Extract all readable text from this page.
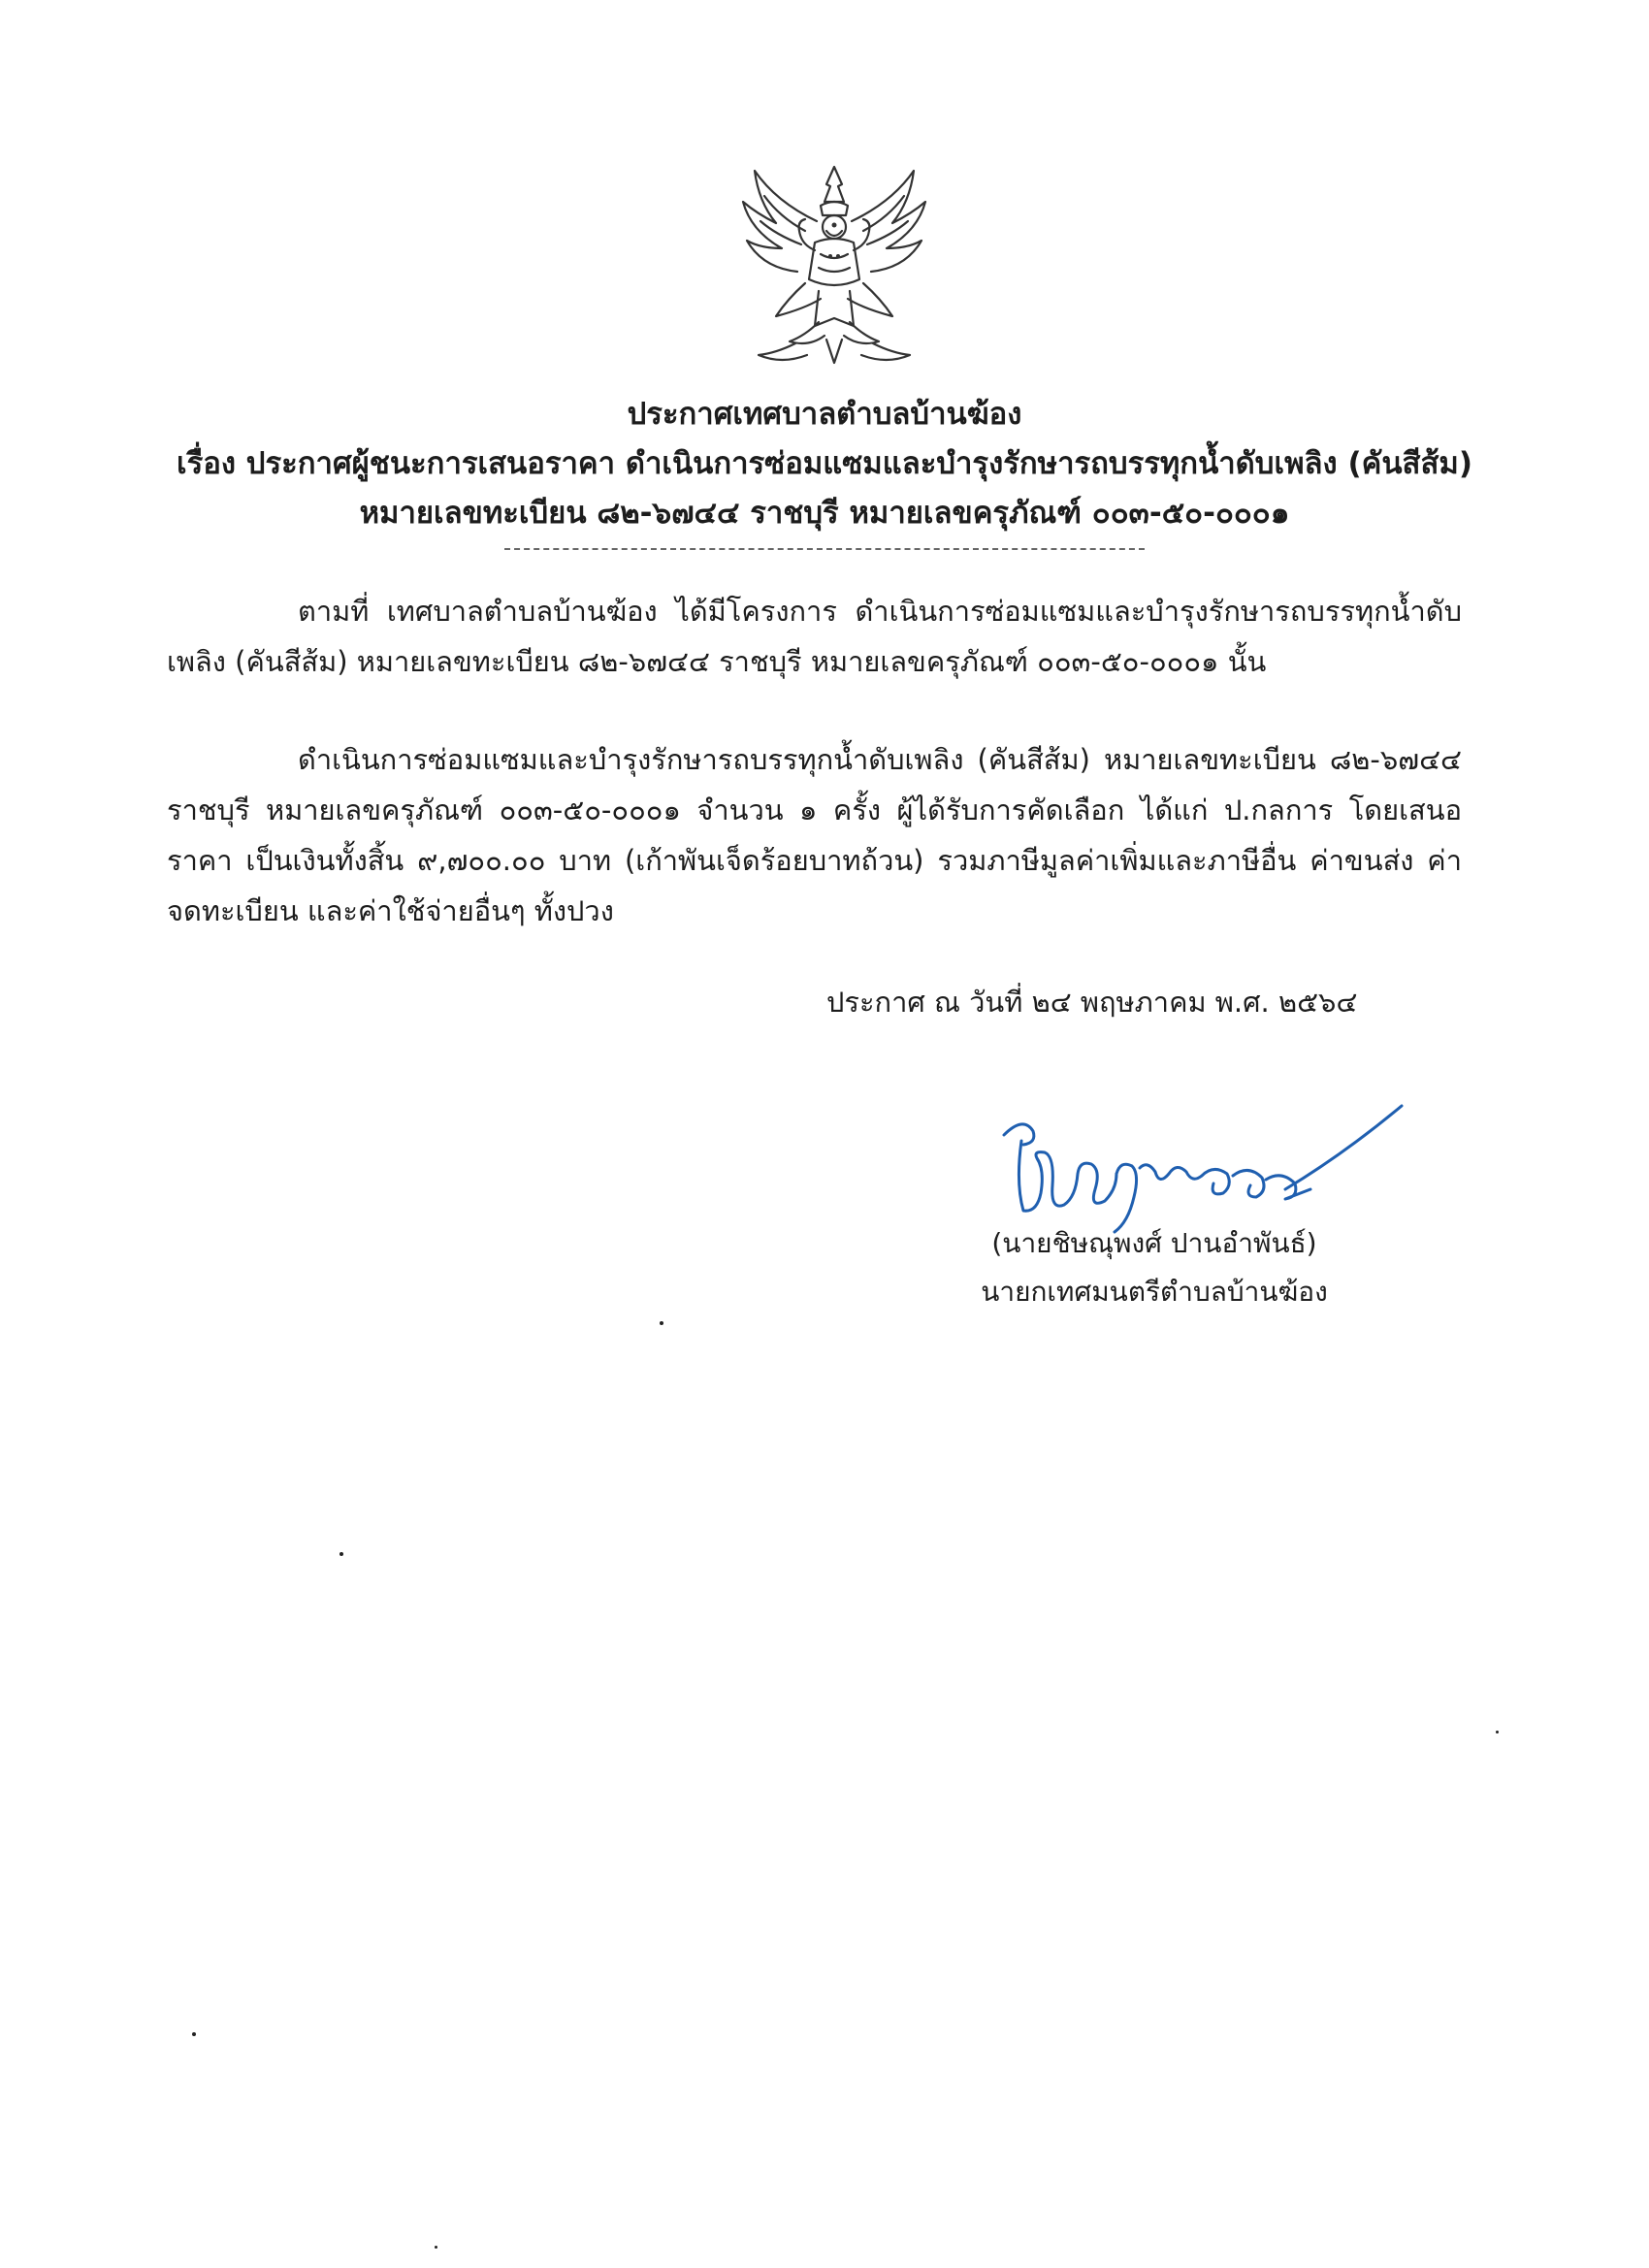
ประกาศเทศบาลตำบลบ้านฆ้อง
เรื่อง ประกาศผู้ชนะการเสนอราคา ดำเนินการซ่อมแซมและบำรุงรักษารถบรรทุกน้ำดับเพลิง (คันสีส้ม)
หมายเลขทะเบียน ๘๒-๖๗๔๔ ราชบุรี หมายเลขครุภัณฑ์ ๐๐๓-๕๐-๐๐๐๑
ตามที่ เทศบาลตำบลบ้านฆ้อง ได้มีโครงการ ดำเนินการซ่อมแซมและบำรุงรักษารถบรรทุกน้ำดับเพลิง (คันสีส้ม) หมายเลขทะเบียน ๘๒-๖๗๔๔ ราชบุรี หมายเลขครุภัณฑ์ ๐๐๓-๕๐-๐๐๐๑ นั้น
ดำเนินการซ่อมแซมและบำรุงรักษารถบรรทุกน้ำดับเพลิง (คันสีส้ม) หมายเลขทะเบียน ๘๒-๖๗๔๔ ราชบุรี หมายเลขครุภัณฑ์ ๐๐๓-๕๐-๐๐๐๑ จำนวน ๑ ครั้ง ผู้ได้รับการคัดเลือก ได้แก่ ป.กลการ โดยเสนอราคา เป็นเงินทั้งสิ้น ๙,๗๐๐.๐๐ บาท (เก้าพันเจ็ดร้อยบาทถ้วน) รวมภาษีมูลค่าเพิ่มและภาษีอื่น ค่าขนส่ง ค่าจดทะเบียน และค่าใช้จ่ายอื่นๆ ทั้งปวง
ประกาศ ณ วันที่ ๒๔ พฤษภาคม พ.ศ. ๒๕๖๔
(นายชิษณุพงศ์ ปานอำพันธ์)
นายกเทศมนตรีตำบลบ้านฆ้อง
